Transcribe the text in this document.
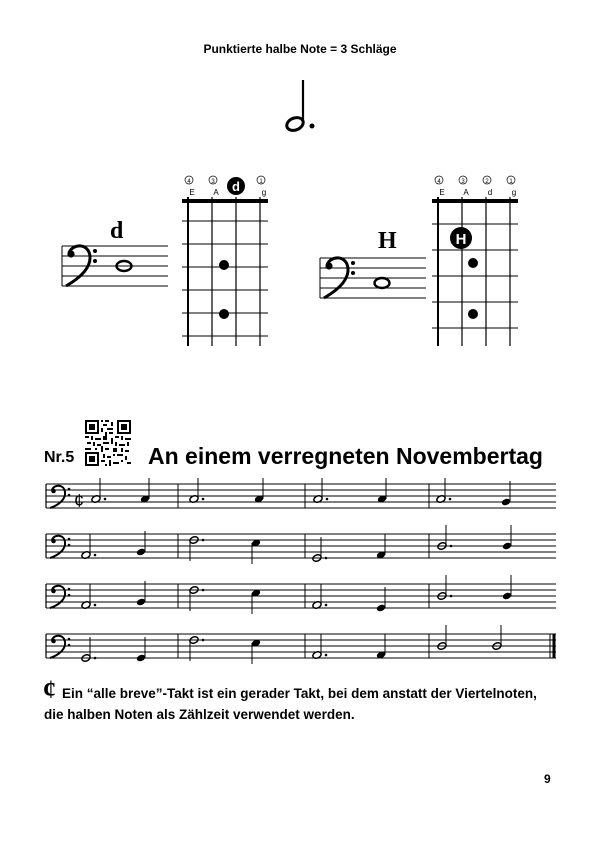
Punktierte halbe Note = 3 Schläge
d
4	3	1
d
E A	g
H
4	3	2	1
E A d g
H
Nr.5	An einem verregneten Novembertag
¢
¢ Ein “alle breve”-Takt ist ein gerader Takt, bei dem anstatt der Viertelnoten,
die halben Noten als Zählzeit verwendet werden.
9
